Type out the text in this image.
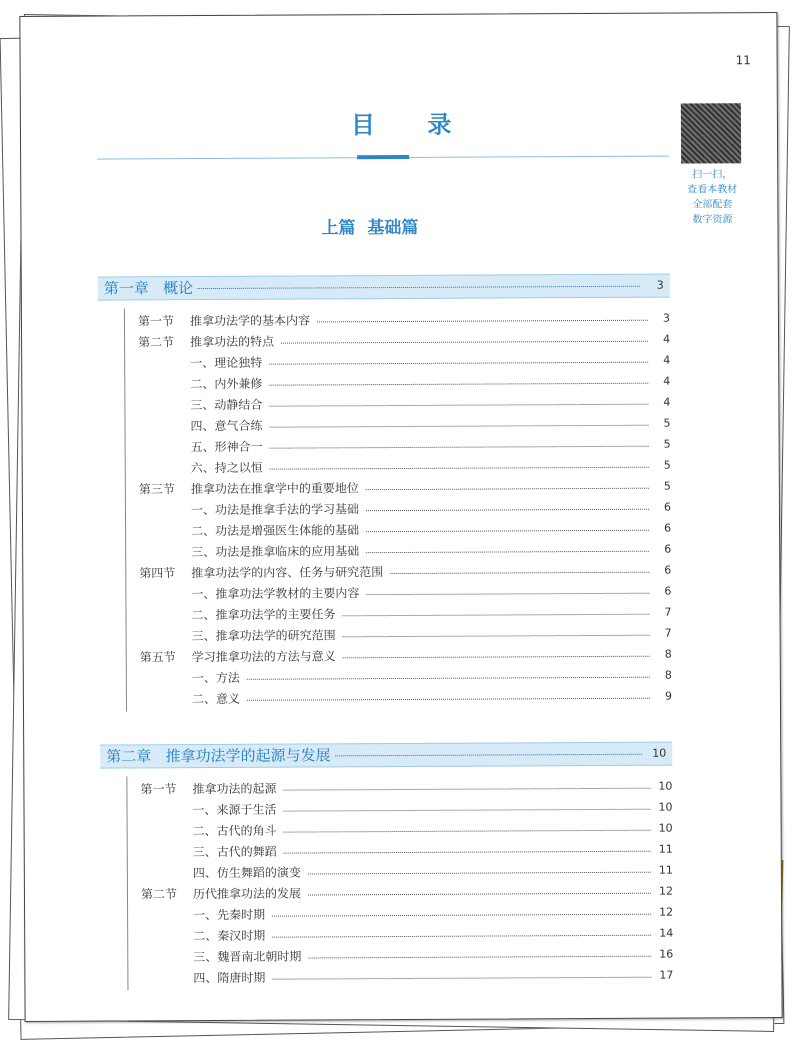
11
目 录
扫一扫，
查看本教材
全部配套
数字资源
上篇  基础篇
第一章   概论	3
第一节	推拿功法学的基本内容	3
第二节	推拿功法的特点	4
一、理论独特	4
二、内外兼修	4
三、动静结合	4
四、意气合练	5
五、形神合一	5
六、持之以恒	5
第三节	推拿功法在推拿学中的重要地位	5
一、功法是推拿手法的学习基础	6
二、功法是增强医生体能的基础	6
三、功法是推拿临床的应用基础	6
第四节	推拿功法学的内容、任务与研究范围	6
一、推拿功法学教材的主要内容	6
二、推拿功法学的主要任务	7
三、推拿功法学的研究范围	7
第五节	学习推拿功法的方法与意义	8
一、方法	8
二、意义	9
第二章   推拿功法学的起源与发展	10
第一节	推拿功法的起源	10
一、来源于生活	10
二、古代的角斗	10
三、古代的舞蹈	11
四、仿生舞蹈的演变	11
第二节	历代推拿功法的发展	12
一、先秦时期	12
二、秦汉时期	14
三、魏晋南北朝时期	16
四、隋唐时期	17
